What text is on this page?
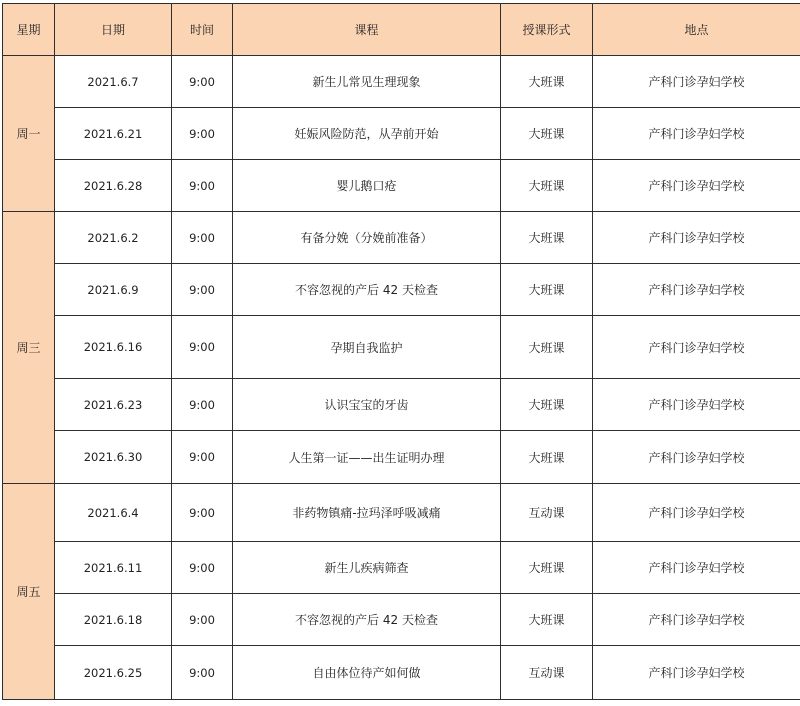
星期	日期	时间	课程	授课形式	地点
周一	2021.6.7	9:00	新生儿常见生理现象	大班课	产科门诊孕妇学校
	2021.6.21	9:00	妊娠风险防范，从孕前开始	大班课	产科门诊孕妇学校
	2021.6.28	9:00	婴儿鹅口疮	大班课	产科门诊孕妇学校
周三	2021.6.2	9:00	有备分娩（分娩前准备）	大班课	产科门诊孕妇学校
	2021.6.9	9:00	不容忽视的产后 42 天检查	大班课	产科门诊孕妇学校
	2021.6.16	9:00	孕期自我监护	大班课	产科门诊孕妇学校
	2021.6.23	9:00	认识宝宝的牙齿	大班课	产科门诊孕妇学校
	2021.6.30	9:00	人生第一证——出生证明办理	大班课	产科门诊孕妇学校
周五	2021.6.4	9:00	非药物镇痛-拉玛泽呼吸减痛	互动课	产科门诊孕妇学校
	2021.6.11	9:00	新生儿疾病筛查	大班课	产科门诊孕妇学校
	2021.6.18	9:00	不容忽视的产后 42 天检查	大班课	产科门诊孕妇学校
	2021.6.25	9:00	自由体位待产如何做	互动课	产科门诊孕妇学校
